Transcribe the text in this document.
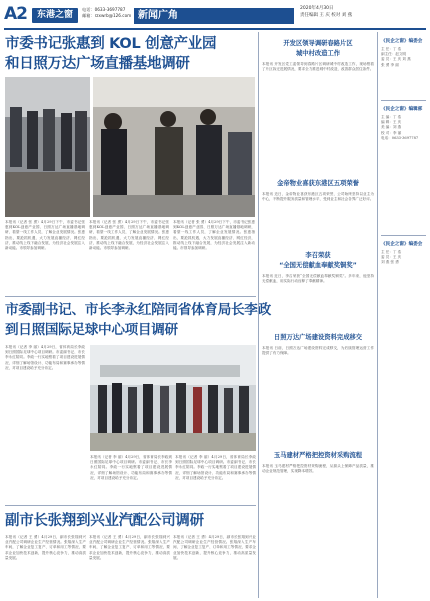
A2	东港之窗
电话：0633-3697787
邮箱：rzxwrb@126.com 新闻广角
2020年4月30日
责任编辑 王 庆 校对 刘 燕
市委书记张惠到 KOL 创意产业园
和日照万达广场直播基地调研
本报讯（记者 张 勇）4月29日下午，市委书记张惠到KOL创意产业园、日照万达广场直播基地调研，看望一线工作人员，了解企业发展情况。张惠指出，要抢抓机遇，大力发展直播经济、网红经济，推动线上线下融合发展，为经济社会发展注入新动能。市领导参加调研。
本报讯（记者 张 勇）4月29日下午，市委书记张惠到KOL创意产业园、日照万达广场直播基地调研，看望一线工作人员，了解企业发展情况。张惠指出，要抢抓机遇，大力发展直播经济、网红经济，推动线上线下融合发展，为经济社会发展注入新动能。市领导参加调研。
本报讯（记者 张 勇）4月29日下午，市委书记张惠到KOL创意产业园、日照万达广场直播基地调研，看望一线工作人员，了解企业发展情况。张惠指出，要抢抓机遇，大力发展直播经济、网红经济，推动线上线下融合发展，为经济社会发展注入新动能。市领导参加调研。
市委副书记、市长李永红陪同省体育局长李政
到日照国际足球中心项目调研
本报讯（记者 李 丽）4月29日，省体育局长李政到日照国际足球中心项目调研。市委副书记、市长李永红陪同。李政一行实地察看了项目建设进展情况，详细了解场馆设计、功能布局和赛事承办等情况，对项目建设给予充分肯定。
本报讯（记者 李 丽）4月29日，省体育局长李政到日照国际足球中心项目调研。市委副书记、市长李永红陪同。李政一行实地察看了项目建设进展情况，详细了解场馆设计、功能布局和赛事承办等情况，对项目建设给予充分肯定。
本报讯（记者 李 丽）4月29日，省体育局长李政到日照国际足球中心项目调研。市委副书记、市长李永红陪同。李政一行实地察看了项目建设进展情况，详细了解场馆设计、功能布局和赛事承办等情况，对项目建设给予充分肯定。
副市长张翔到兴业汽配公司调研
本报讯（记者 王 勇）4月29日，副市长张翔到兴业汽配公司调研企业生产经营情况。张翔深入生产车间，了解企业复工复产、订单和用工等情况，要求企业加快技术创新，提升核心竞争力，推动高质量发展。
本报讯（记者 王 勇）4月29日，副市长张翔到兴业汽配公司调研企业生产经营情况。张翔深入生产车间，了解企业复工复产、订单和用工等情况，要求企业加快技术创新，提升核心竞争力，推动高质量发展。
本报讯（记者 王 勇）4月29日，副市长张翔到兴业汽配公司调研企业生产经营情况。张翔深入生产车间，了解企业复工复产、订单和用工等情况，要求企业加快技术创新，提升核心竞争力，推动高质量发展。
开发区领导调研春路片区
城中村改造工作
本报讯 开发区党工委领导到春路片区调研城中村改造工作，现场察看了片区拆迁进展情况，要求全力推进城中村改造，改善群众居住条件。
金帝物业喜获东港区五项荣誉
本报讯 近日，金帝物业喜获东港区五项荣誉，公司始终坚持以业主为中心，不断提升服务质量和管理水平，受到业主和社会各界广泛好评。
李召荣获
“全国无偿献血奉献奖铜奖”
本报讯 近日，李召荣获“全国无偿献血奉献奖铜奖”。多年来，他坚持无偿献血，用实际行动诠释了奉献精神。
日照万达广场建设资料完成移交
本报讯 日前，日照万达广场建设资料完成移交，为后续管理运营工作提供了有力保障。
玉马建材严格把控资材采购流程
本报讯 玉马建材严格把控资材采购流程，从源头上保障产品质量，推动企业规范管理，实现降本增效。
《民企之窗》编委会
主 任：丁 浩
副主任：赵文明
委 员：王 庆 刘 燕
张 勇 李 丽
《民企之窗》编辑部
主 编：丁 浩
编 辑：王 庆
美 编：刘 燕
校 对：李 丽
电话：0633-3697787
《民企之窗》编委会
主 任：丁 浩
委 员：王 庆
刘 燕 张 勇
